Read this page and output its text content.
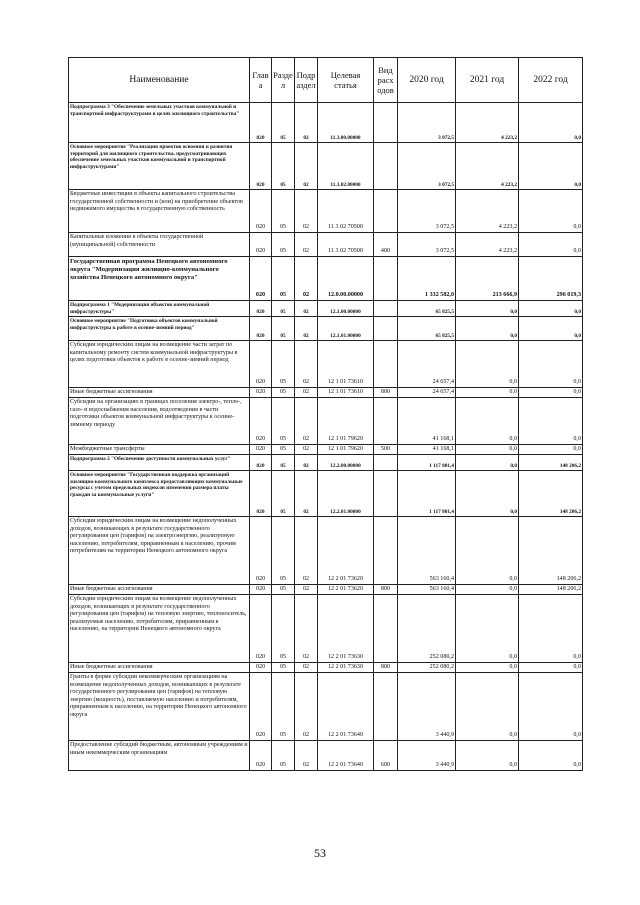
Наименование	Глав а	Разде л	Подр аздел	Целевая статья	Вид расх одов	2020 год	2021 год	2022 год
Подпрограмма 3 "Обеспечение земельных участков коммунальной и транспортной инфраструктурами в целях жилищного строительства"	020	05	02	11.3.00.00000		3 072,5	4 223,2	0,0
Основное мероприятие "Реализация проектов освоения и развития территорий для жилищного строительства, предусматривающих обеспечение земельных участков коммунальной и транспортной инфраструктурами"	020	05	02	11.3.02.00000		3 072,5	4 223,2	0,0
Бюджетные инвестиции в объекты капитального строительства государственной собственности и (или) на приобретение объектов недвижимого имущества в государственную собственность	020	05	02	11 3 02 70500		3 072,5	4 223,2	0,0
Капитальные вложения в объекты государственной (муниципальной) собственности	020	05	02	11 3 02 70500	400	3 072,5	4 223,2	0,0
Государственная программа Ненецкого автономного округа "Модернизация жилищно-коммунального хозяйства Ненецкого автономного округа"	020	05	02	12.0.00.00000		1 332 582,0	213 666,9	296 019,3
Подпрограмма 1 "Модернизация объектов коммунальной инфраструктуры"	020	05	02	12.1.00.00000		65 825,5	0,0	0,0
Основное мероприятие "Подготовка объектов коммунальной инфраструктуры к работе в осенне-зимний период"	020	05	02	12.1.01.00000		65 825,5	0,0	0,0
Субсидии юридическим лицам на возмещение части затрат по капитальному ремонту систем коммунальной инфраструктуры в целях подготовки объектов к работе в осенне-зимний период	020	05	02	12 1 01 73610		24 657,4	0,0	0,0
Иные бюджетные ассигнования	020	05	02	12 1 01 73610	800	24 657,4	0,0	0,0
Субсидии на организацию в границах поселения электро-, тепло-, газо- и водоснабжения населения, водоотведения в части подготовки объектов коммунальной инфраструктуры к осенне-зимнему периоду	020	05	02	12 1 01 79620		41 168,1	0,0	0,0
Межбюджетные трансферты	020	05	02	12 1 01 79620	500	41 168,1	0,0	0,0
Подпрограмма 2 "Обеспечение доступности коммунальных услуг"	020	05	02	12.2.00.00000		1 117 801,4	0,0	148 206,2
Основное мероприятие "Государственная поддержка организаций жилищно-коммунального комплекса предоставляющих коммунальные ресурсы с учетом предельных индексов изменения размера платы граждан за коммунальные услуги"	020	05	02	12.2.01.00000		1 117 801,4	0,0	148 206,2
Субсидии юридическим лицам на возмещение недополученных доходов, возникающих в результате государственного регулирования цен (тарифов) на электроэнергию, реализуемую населению, потребителям, приравненным к населению, прочим потребителям на территории Ненецкого автономного округа	020	05	02	12 2 01 73620		563 160,4	0,0	148 206,2
Иные бюджетные ассигнования	020	05	02	12 2 01 73620	800	563 160,4	0,0	148 206,2
Субсидии юридическим лицам на возмещение недополученных доходов, возникающих в результате государственного регулирования цен (тарифов) на тепловую энергию, теплоноситель, реализуемые населению, потребителям, приравненным к населению, на территории Ненецкого автономного округа	020	05	02	12 2 01 73630		252 080,2	0,0	0,0
Иные бюджетные ассигнования	020	05	02	12 2 01 73630	800	252 080,2	0,0	0,0
Гранты в форме субсидии некоммерческим организациям на возмещение недополученных доходов, возникающих в результате государственного регулирования цен (тарифов) на тепловую энергию (мощность), поставляемую населению и потребителям, приравненным к населению, на территории Ненецкого автономного округа	020	05	02	12 2 01 73640		3 440,9	0,0	0,0
Предоставление субсидий бюджетным, автономным учреждениям и иным некоммерческим организациям	020	05	02	12 2 01 73640	600	3 440,9	0,0	0,0
53
